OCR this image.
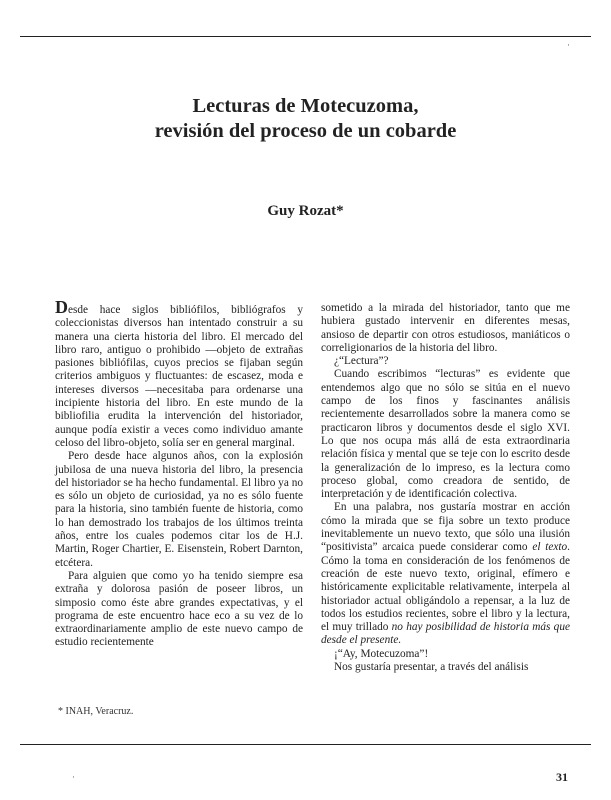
·
Lecturas de Motecuzoma,
revisión del proceso de un cobarde
Guy Rozat*

Desde hace siglos bibliófilos, bibliógrafos y coleccionistas diversos han intentado construir a su manera una cierta historia del libro. El mercado del libro raro, antiguo o prohibido —objeto de extrañas pasiones bibliófilas, cuyos precios se fijaban según criterios ambiguos y fluctuantes: de escasez, moda e intereses diversos —necesitaba para ordenarse una incipiente historia del libro. En este mundo de la bibliofilia erudita la intervención del historiador, aunque podía existir a veces como individuo amante celoso del libro-objeto, solía ser en general marginal.

Pero desde hace algunos años, con la explosión jubilosa de una nueva historia del libro, la presencia del historiador se ha hecho fundamental. El libro ya no es sólo un objeto de curiosidad, ya no es sólo fuente para la historia, sino también fuente de historia, como lo han demostrado los trabajos de los últimos treinta años, entre los cuales podemos citar los de H.J. Martin, Roger Chartier, E. Eisenstein, Robert Darnton, etcétera.

Para alguien que como yo ha tenido siempre esa extraña y dolorosa pasión de poseer libros, un simposio como éste abre grandes expectativas, y el programa de este encuentro hace eco a su vez de lo extraordinariamente amplio de este nuevo campo de estudio recientemente

sometido a la mirada del historiador, tanto que me hubiera gustado intervenir en diferentes mesas, ansioso de departir con otros estudiosos, maniáticos o correligionarios de la historia del libro.

¿“Lectura”?

Cuando escribimos “lecturas” es evidente que entendemos algo que no sólo se sitúa en el nuevo campo de los finos y fascinantes análisis recientemente desarrollados sobre la manera como se practicaron libros y documentos desde el siglo XVI. Lo que nos ocupa más allá de esta extraordinaria relación física y mental que se teje con lo escrito desde la generalización de lo impreso, es la lectura como proceso global, como creadora de sentido, de interpretación y de identificación colectiva.

En una palabra, nos gustaría mostrar en acción cómo la mirada que se fija sobre un texto produce inevitablemente un nuevo texto, que sólo una ilusión “positivista” arcaica puede considerar como el texto. Cómo la toma en consideración de los fenómenos de creación de este nuevo texto, original, efímero e históricamente explicitable relativamente, interpela al historiador actual obligándolo a repensar, a la luz de todos los estudios recientes, sobre el libro y la lectura, el muy trillado no hay posibilidad de historia más que desde el presente.

¡“Ay, Motecuzoma”!

Nos gustaría presentar, a través del análisis

* INAH, Veracruz.
·	31
